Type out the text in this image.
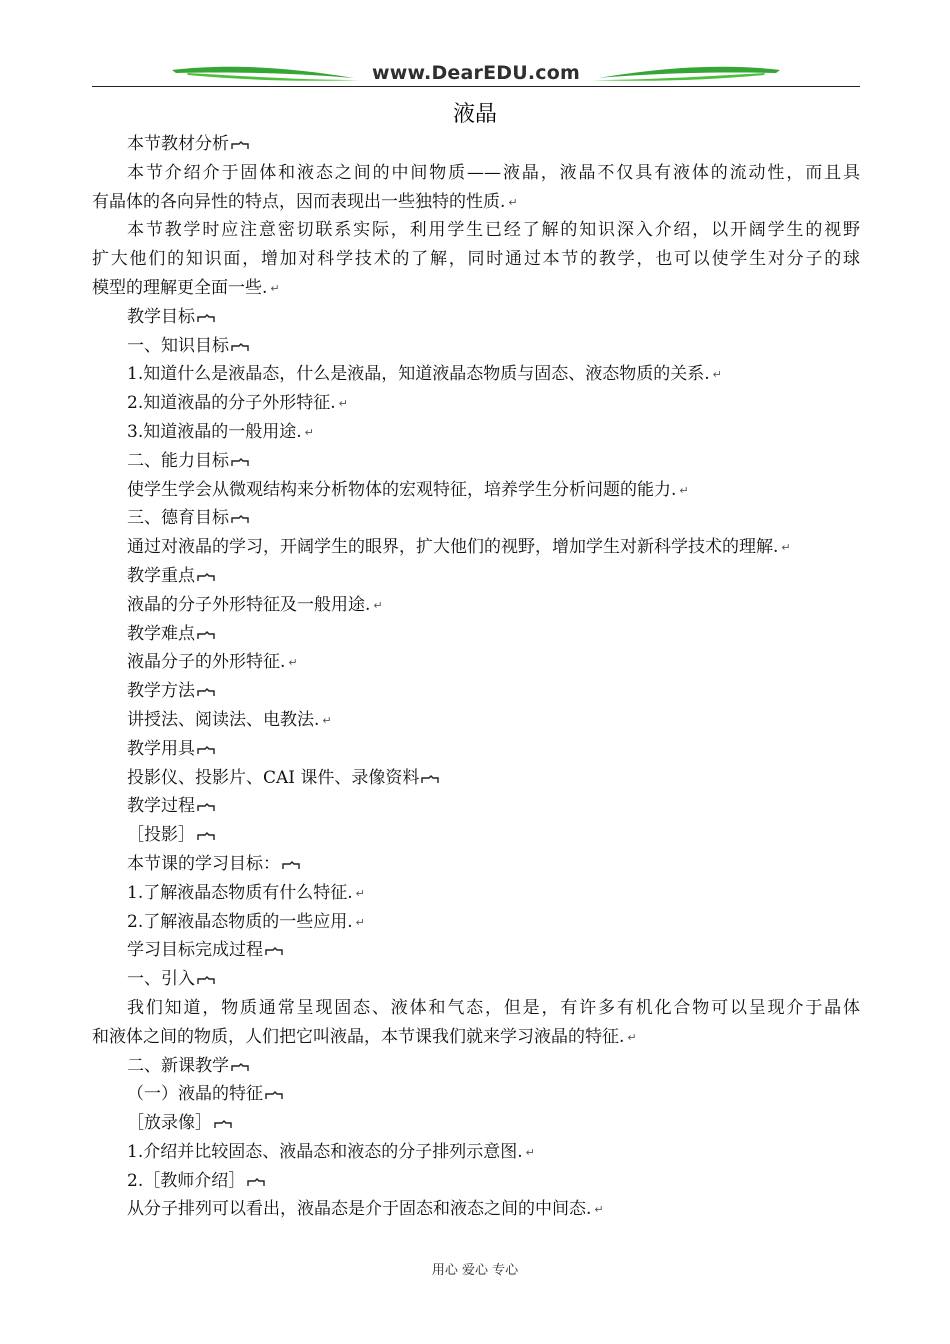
www.DearEDU.com
液晶
本节教材分析
本节介绍介于固体和液态之间的中间物质——液晶，液晶不仅具有液体的流动性，而且具
有晶体的各向异性的特点，因而表现出一些独特的性质. ↵
本节教学时应注意密切联系实际，利用学生已经了解的知识深入介绍，以开阔学生的视野
扩大他们的知识面，增加对科学技术的了解，同时通过本节的教学，也可以使学生对分子的球
模型的理解更全面一些. ↵
教学目标
一、知识目标
1.知道什么是液晶态，什么是液晶，知道液晶态物质与固态、液态物质的关系. ↵
2.知道液晶的分子外形特征. ↵
3.知道液晶的一般用途. ↵
二、能力目标
使学生学会从微观结构来分析物体的宏观特征，培养学生分析问题的能力. ↵
三、德育目标
通过对液晶的学习，开阔学生的眼界，扩大他们的视野，增加学生对新科学技术的理解. ↵
教学重点
液晶的分子外形特征及一般用途. ↵
教学难点
液晶分子的外形特征. ↵
教学方法
讲授法、阅读法、电教法. ↵
教学用具
投影仪、投影片、CAI 课件、录像资料
教学过程
［投影］
本节课的学习目标：
1.了解液晶态物质有什么特征. ↵
2.了解液晶态物质的一些应用. ↵
学习目标完成过程
一、引入
我们知道，物质通常呈现固态、液体和气态，但是，有许多有机化合物可以呈现介于晶体
和液体之间的物质，人们把它叫液晶，本节课我们就来学习液晶的特征. ↵
二、新课教学
（一）液晶的特征
［放录像］
1.介绍并比较固态、液晶态和液态的分子排列示意图. ↵
2.［教师介绍］
从分子排列可以看出，液晶态是介于固态和液态之间的中间态. ↵
用心 爱心 专心
